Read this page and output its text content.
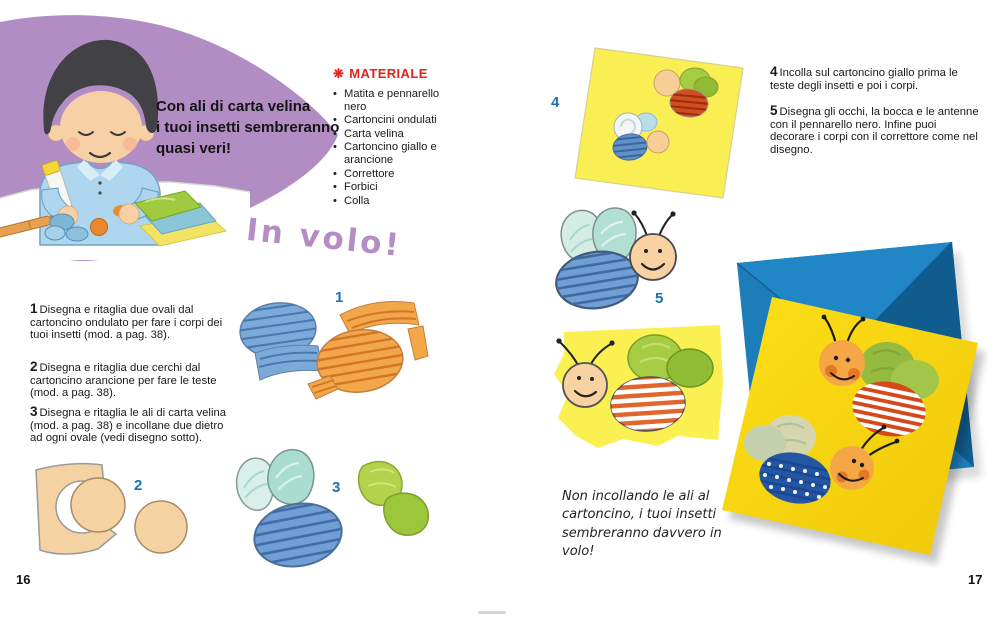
Con ali di carta velina
i tuoi insetti sembreranno
quasi veri!
❋ MATERIALE
• Matita e pennarello nero
• Cartoncini ondulati
• Carta velina
• Cartoncino giallo e arancione
• Correttore
• Forbici
• Colla
In volo!
1 Disegna e ritaglia due ovali dal cartoncino ondulato per fare i corpi dei tuoi insetti (mod. a pag. 38).
2 Disegna e ritaglia due cerchi dal cartoncino arancione per fare le teste (mod. a pag. 38).
3 Disegna e ritaglia le ali di carta velina (mod. a pag. 38) e incollane due dietro ad ogni ovale (vedi disegno sotto).
4 Incolla sul cartoncino giallo prima le teste degli insetti e poi i corpi.
5 Disegna gli occhi, la bocca e le antenne con il pennarello nero. Infine puoi decorare i corpi con il correttore come nel disegno.
1
2	3
4
5
Non incollando le ali al cartoncino, i tuoi insetti sembreranno davvero in volo!
16	17
